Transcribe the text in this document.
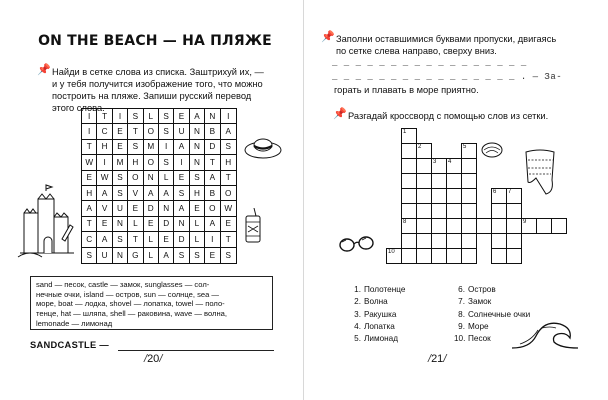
ON THE BEACH — НА ПЛЯЖЕ
📌 Найди в сетке слова из списка. Заштрихуй их, —
и у тебя получится изображение того, что можно
построить на пляже. Запиши русский перевод
этого слова.
I	T	I	S	L	S	E	A	N	I
I	C	E	T	O	S	U	N	B	A
T	H	E	S	M	I	A	N	D	S
W	I	M	H	O	S	I	N	T	H
E	W	S	O	N	L	E	S	A	T
H	A	S	V	A	A	S	H	B	O
A	V	U	E	D	N	A	E	O	W
T	E	N	L	E	D	N	L	A	E
C	A	S	T	L	E	D	L	I	T
S	U	N	G	L	A	S	S	E	S
sand — песок, castle — замок, sunglasses — сол-
нечные очки, island — остров, sun — солнце, sea —
море, boat — лодка, shovel — лопатка, towel — поло-
тенце, hat — шляпа, shell — раковина, wave — волна,
lemonade — лимонад
SANDCASTLE —
/20/
📌 Заполни оставшимися буквами пропуски, двигаясь
по сетке слева направо, сверху вниз.
_ _ _ _ _ _ _ _ _ _ _ _ _ _ _ _ _
_ _ _ _ _ _ _ _ _ _ _ _ _ _ _ _ . — За-
горать и плавать в море приятно.
📌 Разгадай кроссворд с помощью слов из сетки.
1
8
2
3 4
5
6 7
9
10
1. Полотенце
2. Волна
3. Ракушка
4. Лопатка
5. Лимонад
6. Остров
7. Замок
8. Солнечные очки
9. Море
10. Песок
/21/
